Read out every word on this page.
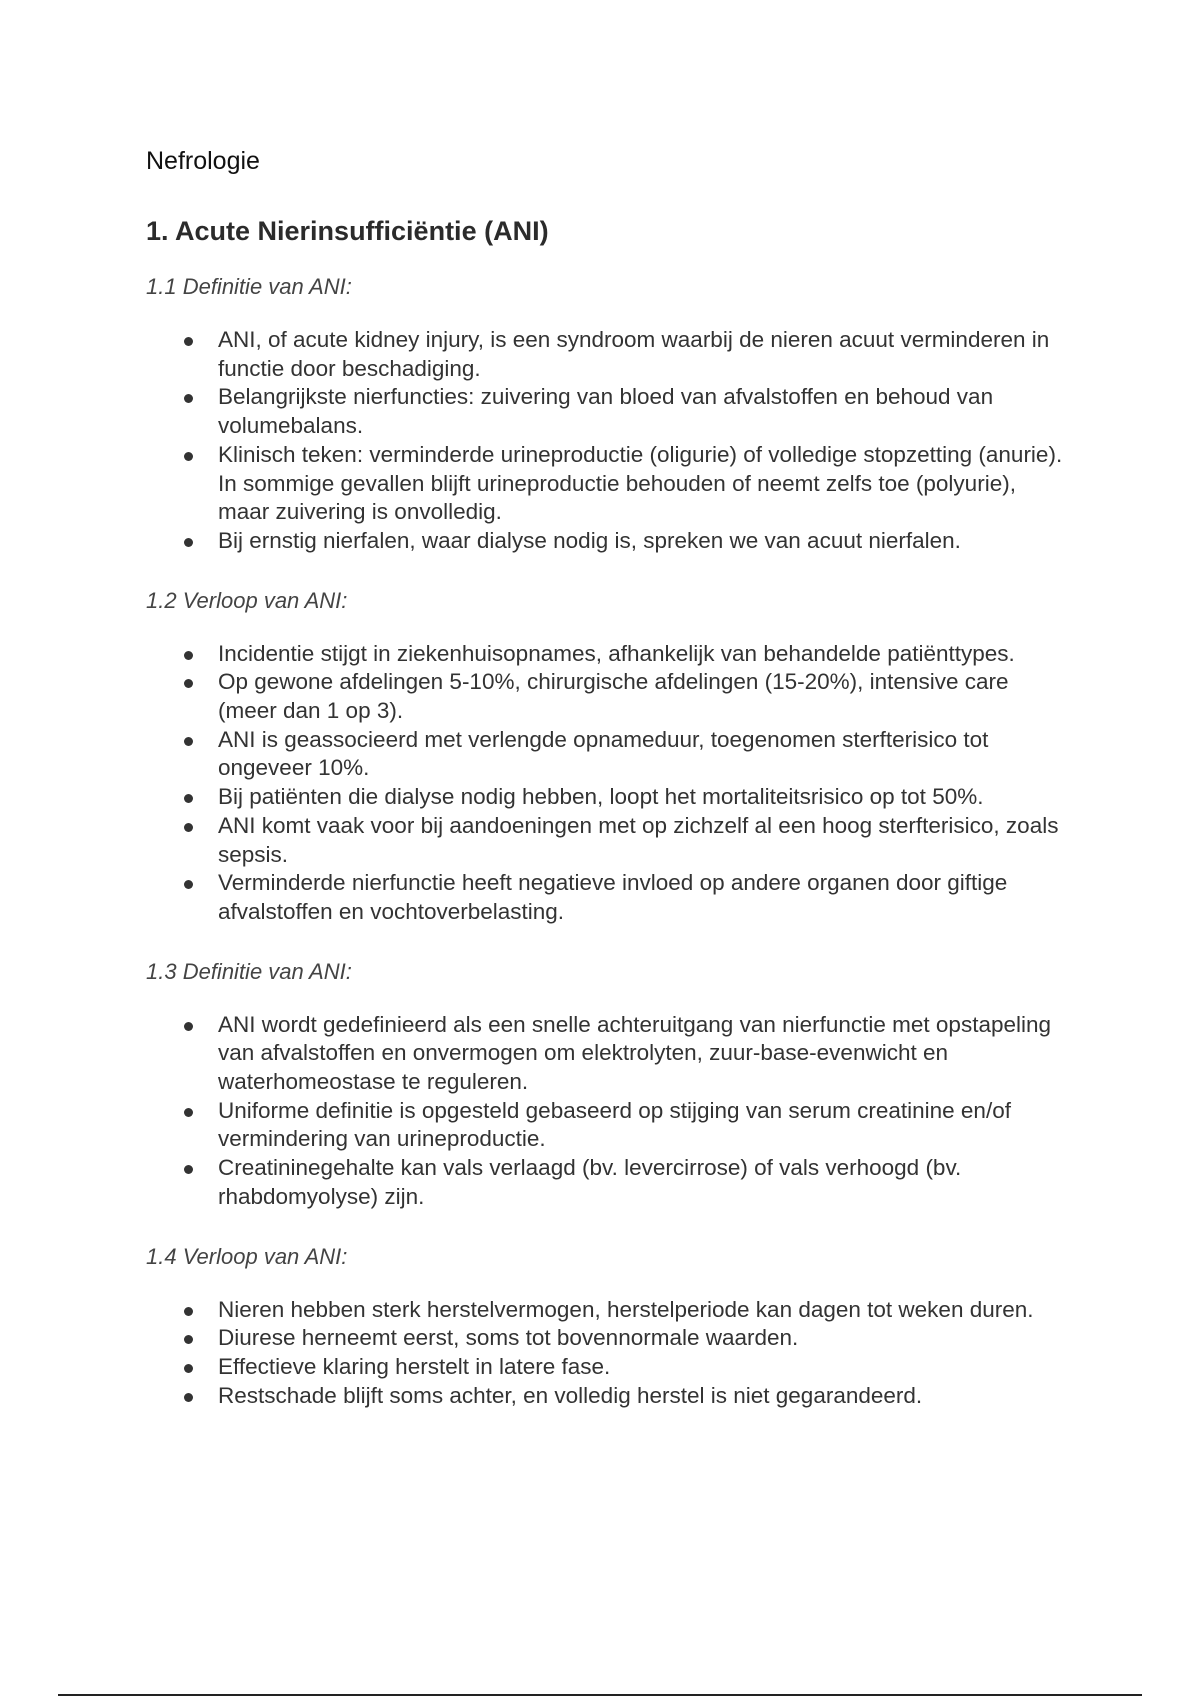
Nefrologie
1. Acute Nierinsufficiëntie (ANI)
1.1 Definitie van ANI:
ANI, of acute kidney injury, is een syndroom waarbij de nieren acuut verminderen in functie door beschadiging.
Belangrijkste nierfuncties: zuivering van bloed van afvalstoffen en behoud van volumebalans.
Klinisch teken: verminderde urineproductie (oligurie) of volledige stopzetting (anurie). In sommige gevallen blijft urineproductie behouden of neemt zelfs toe (polyurie), maar zuivering is onvolledig.
Bij ernstig nierfalen, waar dialyse nodig is, spreken we van acuut nierfalen.
1.2 Verloop van ANI:
Incidentie stijgt in ziekenhuisopnames, afhankelijk van behandelde patiënttypes.
Op gewone afdelingen 5-10%, chirurgische afdelingen (15-20%), intensive care (meer dan 1 op 3).
ANI is geassocieerd met verlengde opnameduur, toegenomen sterfterisico tot ongeveer 10%.
Bij patiënten die dialyse nodig hebben, loopt het mortaliteitsrisico op tot 50%.
ANI komt vaak voor bij aandoeningen met op zichzelf al een hoog sterfterisico, zoals sepsis.
Verminderde nierfunctie heeft negatieve invloed op andere organen door giftige afvalstoffen en vochtoverbelasting.
1.3 Definitie van ANI:
ANI wordt gedefinieerd als een snelle achteruitgang van nierfunctie met opstapeling van afvalstoffen en onvermogen om elektrolyten, zuur-base-evenwicht en waterhomeostase te reguleren.
Uniforme definitie is opgesteld gebaseerd op stijging van serum creatinine en/of vermindering van urineproductie.
Creatininegehalte kan vals verlaagd (bv. levercirrose) of vals verhoogd (bv. rhabdomyolyse) zijn.
1.4 Verloop van ANI:
Nieren hebben sterk herstelvermogen, herstelperiode kan dagen tot weken duren.
Diurese herneemt eerst, soms tot bovennormale waarden.
Effectieve klaring herstelt in latere fase.
Restschade blijft soms achter, en volledig herstel is niet gegarandeerd.
